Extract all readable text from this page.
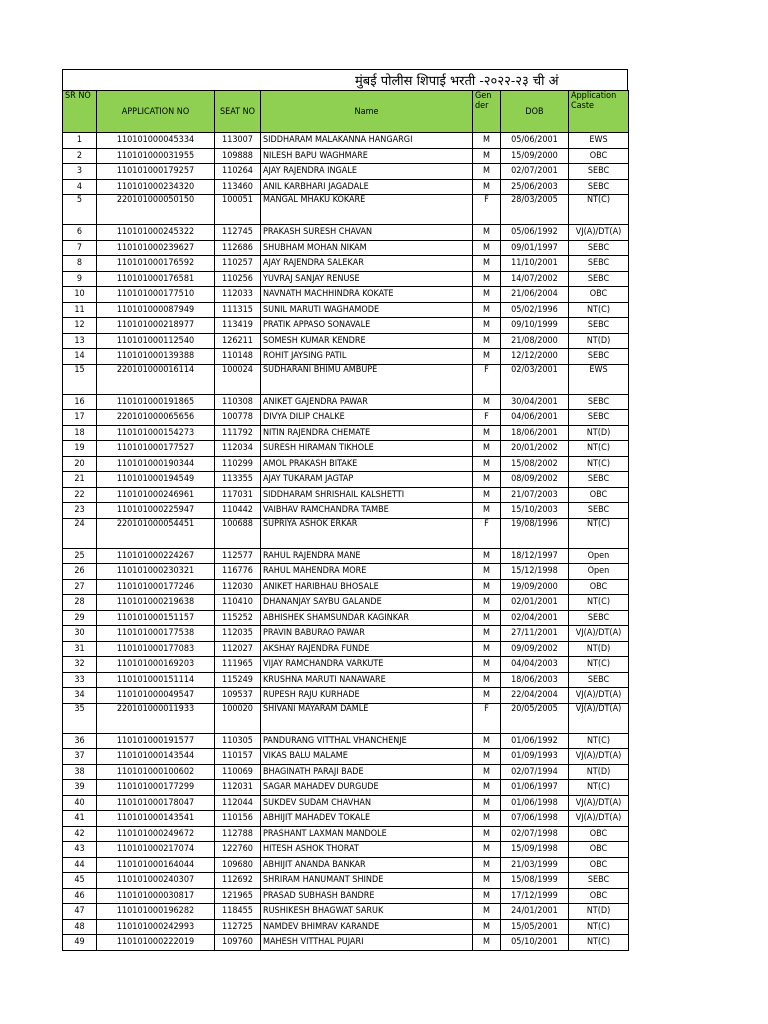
मुंबई पोलीस शिपाई भरती -२०२२-२३ ची अं
SR NO	APPLICATION NO	SEAT NO	Name	Gen der	DOB	Application Caste
1	110101000045334	113007	SIDDHARAM MALAKANNA HANGARGI	M	05/06/2001	EWS
2	110101000031955	109888	NILESH BAPU WAGHMARE	M	15/09/2000	OBC
3	110101000179257	110264	AJAY RAJENDRA INGALE	M	02/07/2001	SEBC
4	110101000234320	113460	ANIL KARBHARI JAGADALE	M	25/06/2003	SEBC
5	220101000050150	100051	MANGAL MHAKU KOKARE	F	28/03/2005	NT(C)
6	110101000245322	112745	PRAKASH SURESH CHAVAN	M	05/06/1992	VJ(A)/DT(A)
7	110101000239627	112686	SHUBHAM MOHAN NIKAM	M	09/01/1997	SEBC
8	110101000176592	110257	AJAY RAJENDRA SALEKAR	M	11/10/2001	SEBC
9	110101000176581	110256	YUVRAJ SANJAY RENUSE	M	14/07/2002	SEBC
10	110101000177510	112033	NAVNATH MACHHINDRA KOKATE	M	21/06/2004	OBC
11	110101000087949	111315	SUNIL MARUTI WAGHAMODE	M	05/02/1996	NT(C)
12	110101000218977	113419	PRATIK APPASO SONAVALE	M	09/10/1999	SEBC
13	110101000112540	126211	SOMESH KUMAR KENDRE	M	21/08/2000	NT(D)
14	110101000139388	110148	ROHIT JAYSING PATIL	M	12/12/2000	SEBC
15	220101000016114	100024	SUDHARANI BHIMU AMBUPE	F	02/03/2001	EWS
16	110101000191865	110308	ANIKET GAJENDRA PAWAR	M	30/04/2001	SEBC
17	220101000065656	100778	DIVYA DILIP CHALKE	F	04/06/2001	SEBC
18	110101000154273	111792	NITIN RAJENDRA CHEMATE	M	18/06/2001	NT(D)
19	110101000177527	112034	SURESH HIRAMAN TIKHOLE	M	20/01/2002	NT(C)
20	110101000190344	110299	AMOL PRAKASH BITAKE	M	15/08/2002	NT(C)
21	110101000194549	113355	AJAY TUKARAM JAGTAP	M	08/09/2002	SEBC
22	110101000246961	117031	SIDDHARAM SHRISHAIL KALSHETTI	M	21/07/2003	OBC
23	110101000225947	110442	VAIBHAV RAMCHANDRA TAMBE	M	15/10/2003	SEBC
24	220101000054451	100688	SUPRIYA ASHOK ERKAR	F	19/08/1996	NT(C)
25	110101000224267	112577	RAHUL RAJENDRA MANE	M	18/12/1997	Open
26	110101000230321	116776	RAHUL MAHENDRA MORE	M	15/12/1998	Open
27	110101000177246	112030	ANIKET HARIBHAU BHOSALE	M	19/09/2000	OBC
28	110101000219638	110410	DHANANJAY SAYBU GALANDE	M	02/01/2001	NT(C)
29	110101000151157	115252	ABHISHEK SHAMSUNDAR KAGINKAR	M	02/04/2001	SEBC
30	110101000177538	112035	PRAVIN BABURAO PAWAR	M	27/11/2001	VJ(A)/DT(A)
31	110101000177083	112027	AKSHAY RAJENDRA FUNDE	M	09/09/2002	NT(D)
32	110101000169203	111965	VIJAY RAMCHANDRA VARKUTE	M	04/04/2003	NT(C)
33	110101000151114	115249	KRUSHNA MARUTI NANAWARE	M	18/06/2003	SEBC
34	110101000049547	109537	RUPESH RAJU KURHADE	M	22/04/2004	VJ(A)/DT(A)
35	220101000011933	100020	SHIVANI MAYARAM DAMLE	F	20/05/2005	VJ(A)/DT(A)
36	110101000191577	110305	PANDURANG VITTHAL VHANCHENJE	M	01/06/1992	NT(C)
37	110101000143544	110157	VIKAS BALU MALAME	M	01/09/1993	VJ(A)/DT(A)
38	110101000100602	110069	BHAGINATH PARAJI BADE	M	02/07/1994	NT(D)
39	110101000177299	112031	SAGAR MAHADEV DURGUDE	M	01/06/1997	NT(C)
40	110101000178047	112044	SUKDEV SUDAM CHAVHAN	M	01/06/1998	VJ(A)/DT(A)
41	110101000143541	110156	ABHIJIT MAHADEV TOKALE	M	07/06/1998	VJ(A)/DT(A)
42	110101000249672	112788	PRASHANT LAXMAN MANDOLE	M	02/07/1998	OBC
43	110101000217074	122760	HITESH ASHOK THORAT	M	15/09/1998	OBC
44	110101000164044	109680	ABHIJIT ANANDA BANKAR	M	21/03/1999	OBC
45	110101000240307	112692	SHRIRAM HANUMANT SHINDE	M	15/08/1999	SEBC
46	110101000030817	121965	PRASAD SUBHASH BANDRE	M	17/12/1999	OBC
47	110101000196282	118455	RUSHIKESH BHAGWAT SARUK	M	24/01/2001	NT(D)
48	110101000242993	112725	NAMDEV BHIMRAV KARANDE	M	15/05/2001	NT(C)
49	110101000222019	109760	MAHESH VITTHAL PUJARI	M	05/10/2001	NT(C)
